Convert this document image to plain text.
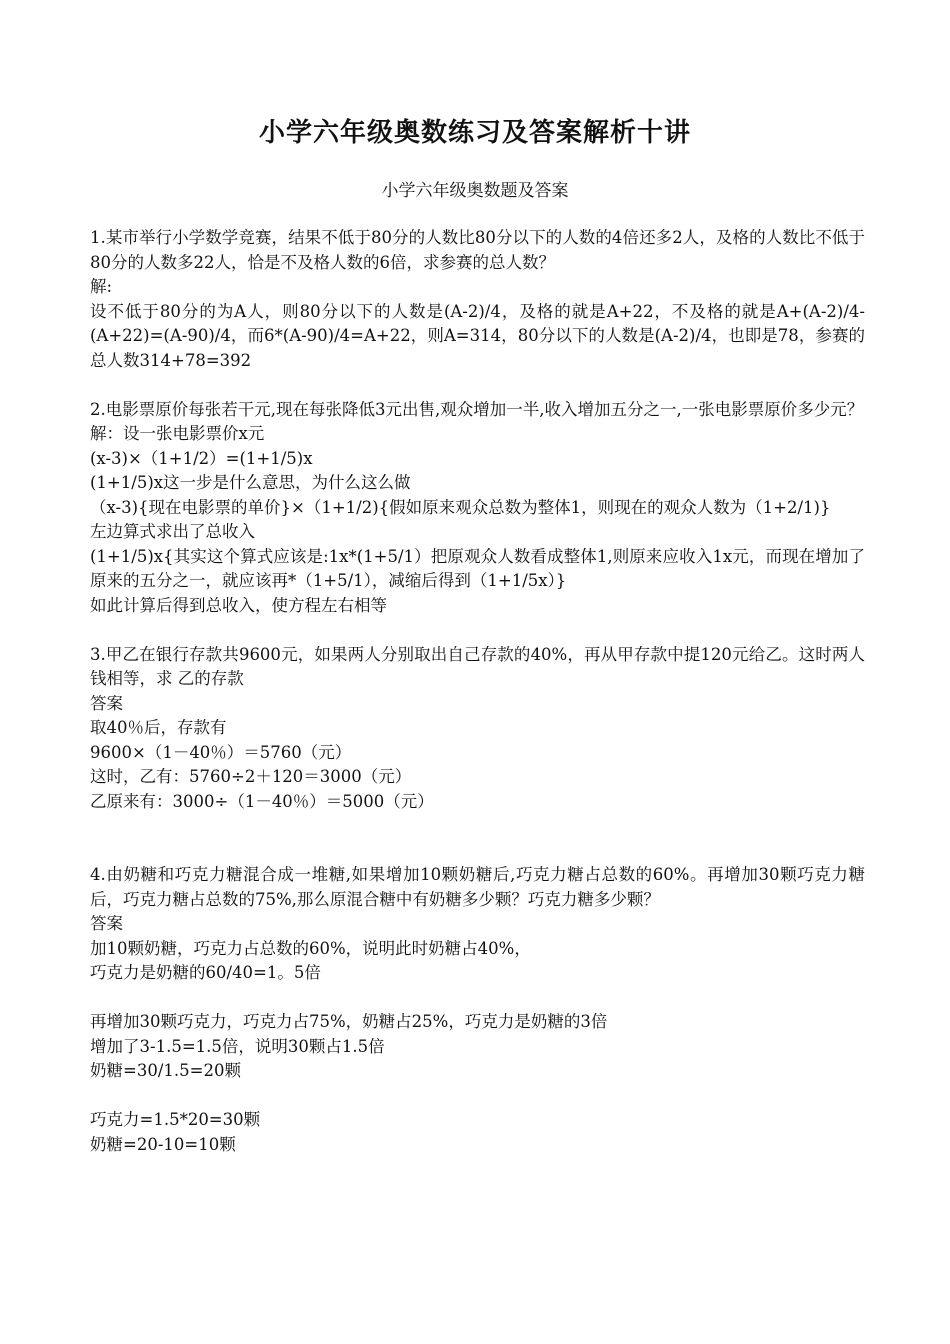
小学六年级奥数练习及答案解析十讲
小学六年级奥数题及答案
1.某市举行小学数学竞赛，结果不低于80分的人数比80分以下的人数的4倍还多2人，及格的人数比不低于80分的人数多22人，恰是不及格人数的6倍，求参赛的总人数？
解:
设不低于80分的为A人，则80分以下的人数是(A-2)/4，及格的就是A+22，不及格的就是A+(A-2)/4-(A+22)=(A-90)/4，而6*(A-90)/4=A+22，则A=314，80分以下的人数是(A-2)/4，也即是78，参赛的总人数314+78=392
2.电影票原价每张若干元,现在每张降低3元出售,观众增加一半,收入增加五分之一,一张电影票原价多少元？
解：设一张电影票价x元
(x-3)×（1+1/2）=(1+1/5)x
(1+1/5)x这一步是什么意思，为什么这么做
（x-3){现在电影票的单价}×（1+1/2){假如原来观众总数为整体1，则现在的观众人数为（1+2/1)}
左边算式求出了总收入
(1+1/5)x{其实这个算式应该是:1x*(1+5/1）把原观众人数看成整体1,则原来应收入1x元，而现在增加了原来的五分之一，就应该再*（1+5/1），减缩后得到（1+1/5x）}
如此计算后得到总收入，使方程左右相等
3.甲乙在银行存款共9600元，如果两人分别取出自己存款的40%，再从甲存款中提120元给乙。这时两人钱相等，求 乙的存款
答案
取40％后，存款有
9600×（1－40％）＝5760（元）
这时，乙有：5760÷2＋120＝3000（元）
乙原来有：3000÷（1－40％）＝5000（元）
4.由奶糖和巧克力糖混合成一堆糖,如果增加10颗奶糖后,巧克力糖占总数的60%。再增加30颗巧克力糖后，巧克力糖占总数的75%,那么原混合糖中有奶糖多少颗？巧克力糖多少颗？
答案
加10颗奶糖，巧克力占总数的60%，说明此时奶糖占40%，
巧克力是奶糖的60/40=1。5倍
再增加30颗巧克力，巧克力占75%，奶糖占25%，巧克力是奶糖的3倍
增加了3-1.5=1.5倍，说明30颗占1.5倍
奶糖=30/1.5=20颗
巧克力=1.5*20=30颗
奶糖=20-10=10颗
